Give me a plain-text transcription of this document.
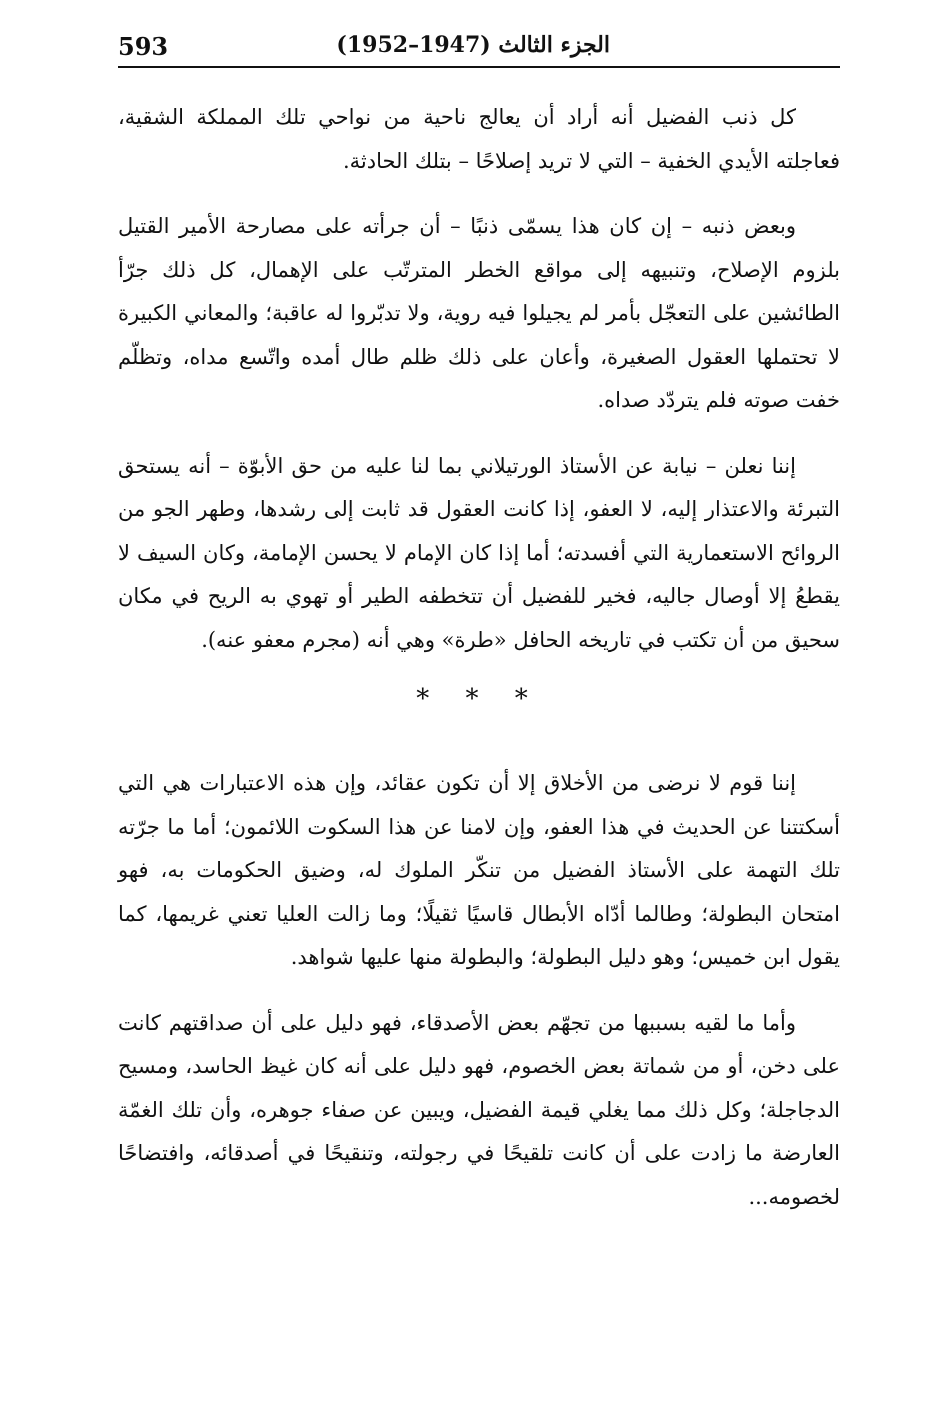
593	الجزء الثالث (1947–1952)

كل ذنب الفضيل أنه أراد أن يعالج ناحية من نواحي تلك المملكة الشقية، فعاجلته الأيدي الخفية – التي لا تريد إصلاحًا – بتلك الحادثة.

وبعض ذنبه – إن كان هذا يسمّى ذنبًا – أن جرأته على مصارحة الأمير القتيل بلزوم الإصلاح، وتنبيهه إلى مواقع الخطر المترتّب على الإهمال، كل ذلك جرّأ الطائشين على التعجّل بأمر لم يجيلوا فيه روية، ولا تدبّروا له عاقبة؛ والمعاني الكبيرة لا تحتملها العقول الصغيرة، وأعان على ذلك ظلم طال أمده واتّسع مداه، وتظلّم خفت صوته فلم يتردّد صداه.

إننا نعلن – نيابة عن الأستاذ الورتيلاني بما لنا عليه من حق الأبوّة – أنه يستحق التبرئة والاعتذار إليه، لا العفو، إذا كانت العقول قد ثابت إلى رشدها، وطهر الجو من الروائح الاستعمارية التي أفسدته؛ أما إذا كان الإمام لا يحسن الإمامة، وكان السيف لا يقطعُ إلا أوصال جاليه، فخير للفضيل أن تتخطفه الطير أو تهوي به الريح في مكان سحيق من أن تكتب في تاريخه الحافل «طرة» وهي أنه (مجرم معفو عنه).

* * *

إننا قوم لا نرضى من الأخلاق إلا أن تكون عقائد، وإن هذه الاعتبارات هي التي أسكتتنا عن الحديث في هذا العفو، وإن لامنا عن هذا السكوت اللائمون؛ أما ما جرّته تلك التهمة على الأستاذ الفضيل من تنكّر الملوك له، وضيق الحكومات به، فهو امتحان البطولة؛ وطالما أدّاه الأبطال قاسيًا ثقيلًا؛ وما زالت العليا تعني غريمها، كما يقول ابن خميس؛ وهو دليل البطولة؛ والبطولة منها عليها شواهد.

وأما ما لقيه بسببها من تجهّم بعض الأصدقاء، فهو دليل على أن صداقتهم كانت على دخن، أو من شماتة بعض الخصوم، فهو دليل على أنه كان غيظ الحاسد، ومسيح الدجاجلة؛ وكل ذلك مما يغلي قيمة الفضيل، ويبين عن صفاء جوهره، وأن تلك الغمّة العارضة ما زادت على أن كانت تلقيحًا في رجولته، وتنقيحًا في أصدقائه، وافتضاحًا لخصومه...
